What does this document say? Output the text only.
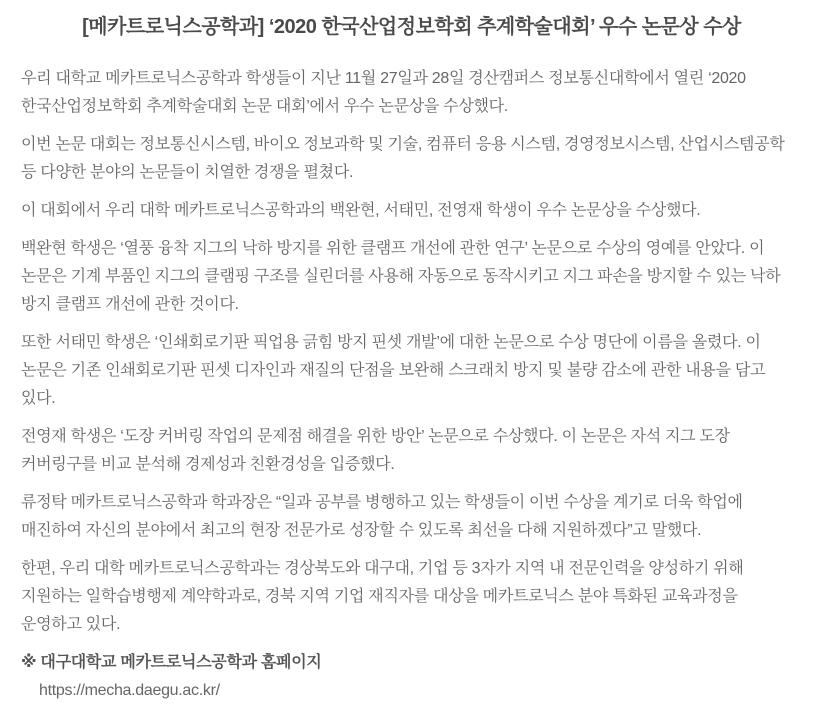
[메카트로닉스공학과] ‘2020 한국산업정보학회 추계학술대회’ 우수 논문상 수상

우리 대학교 메카트로닉스공학과 학생들이 지난 11월 27일과 28일 경산캠퍼스 정보통신대학에서 열린 ‘2020 한국산업정보학회 추계학술대회 논문 대회’에서 우수 논문상을 수상했다.

이번 논문 대회는 정보통신시스템, 바이오 정보과학 및 기술, 컴퓨터 응용 시스템, 경영정보시스템, 산업시스템공학 등 다양한 분야의 논문들이 치열한 경쟁을 펼쳤다.

이 대회에서 우리 대학 메카트로닉스공학과의 백완현, 서태민, 전영재 학생이 우수 논문상을 수상했다.

백완현 학생은 ‘열풍 융착 지그의 낙하 방지를 위한 클램프 개선에 관한 연구’ 논문으로 수상의 영예를 안았다. 이 논문은 기계 부품인 지그의 클램핑 구조를 실린더를 사용해 자동으로 동작시키고 지그 파손을 방지할 수 있는 낙하 방지 클램프 개선에 관한 것이다.

또한 서태민 학생은 ‘인쇄회로기판 픽업용 긁힘 방지 핀셋 개발’에 대한 논문으로 수상 명단에 이름을 올렸다. 이 논문은 기존 인쇄회로기판 핀셋 디자인과 재질의 단점을 보완해 스크래치 방지 및 불량 감소에 관한 내용을 담고 있다.

전영재 학생은 ‘도장 커버링 작업의 문제점 해결을 위한 방안’ 논문으로 수상했다. 이 논문은 자석 지그 도장 커버링구를 비교 분석해 경제성과 친환경성을 입증했다.

류정탁 메카트로닉스공학과 학과장은 “일과 공부를 병행하고 있는 학생들이 이번 수상을 계기로 더욱 학업에 매진하여 자신의 분야에서 최고의 현장 전문가로 성장할 수 있도록 최선을 다해 지원하겠다”고 말했다.

한편, 우리 대학 메카트로닉스공학과는 경상북도와 대구대, 기업 등 3자가 지역 내 전문인력을 양성하기 위해 지원하는 일학습병행제 계약학과로, 경북 지역 기업 재직자를 대상을 메카트로닉스 분야 특화된 교육과정을 운영하고 있다.

※ 대구대학교 메카트로닉스공학과 홈페이지
https://mecha.daegu.ac.kr/
